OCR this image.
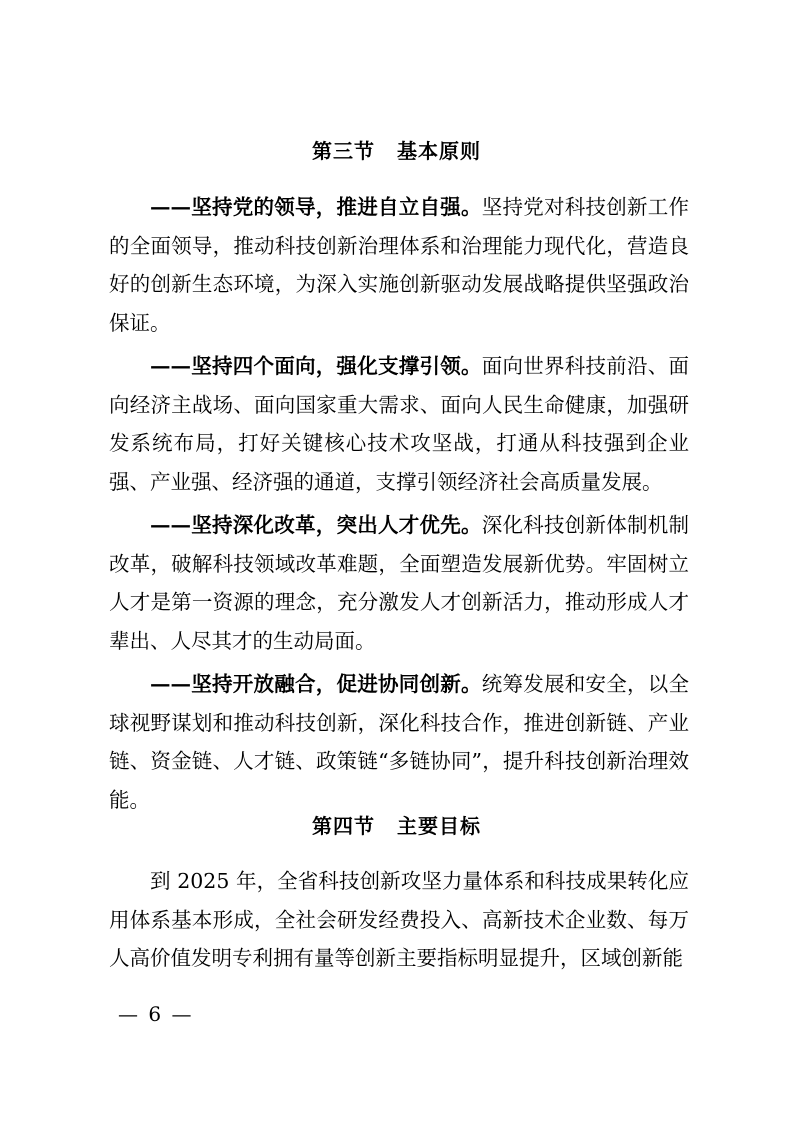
第三节 基本原则
——坚持党的领导，推进自立自强。坚持党对科技创新工作的全面领导，推动科技创新治理体系和治理能力现代化，营造良好的创新生态环境，为深入实施创新驱动发展战略提供坚强政治保证。
——坚持四个面向，强化支撑引领。面向世界科技前沿、面向经济主战场、面向国家重大需求、面向人民生命健康，加强研发系统布局，打好关键核心技术攻坚战，打通从科技强到企业强、产业强、经济强的通道，支撑引领经济社会高质量发展。
——坚持深化改革，突出人才优先。深化科技创新体制机制改革，破解科技领域改革难题，全面塑造发展新优势。牢固树立人才是第一资源的理念，充分激发人才创新活力，推动形成人才辈出、人尽其才的生动局面。
——坚持开放融合，促进协同创新。统筹发展和安全，以全球视野谋划和推动科技创新，深化科技合作，推进创新链、产业链、资金链、人才链、政策链“多链协同”，提升科技创新治理效能。
第四节 主要目标
到 2025 年，全省科技创新攻坚力量体系和科技成果转化应用体系基本形成，全社会研发经费投入、高新技术企业数、每万人高价值发明专利拥有量等创新主要指标明显提升，区域创新能
— 6 —
